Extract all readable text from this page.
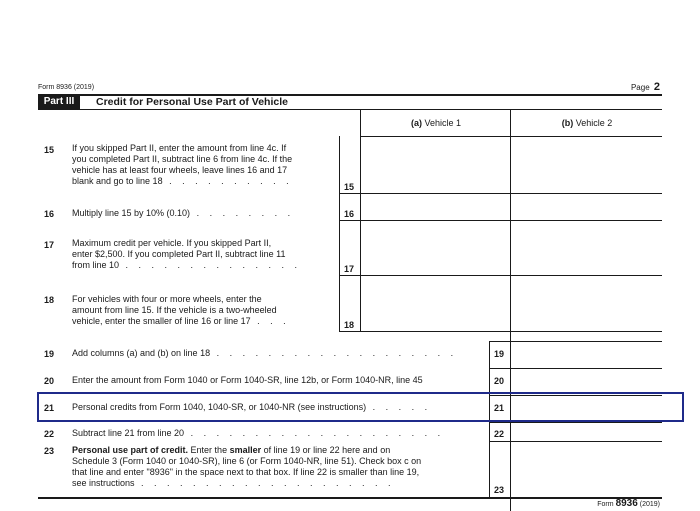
Form 8936 (2019)	Page 2
Part III	Credit for Personal Use Part of Vehicle
(a) Vehicle 1	(b) Vehicle 2
15 If you skipped Part II, enter the amount from line 4c. If
you completed Part II, subtract line 6 from line 4c. If the
vehicle has at least four wheels, leave lines 16 and 17
blank and go to line 18 . . . . . . . . . .
15
16 Multiply line 15 by 10% (0.10) . . . . . . . .	16
17 Maximum credit per vehicle. If you skipped Part II,
enter $2,500. If you completed Part II, subtract line 11
from line 10 . . . . . . . . . . . . . .	17
18 For vehicles with four or more wheels, enter the
amount from line 15. If the vehicle is a two-wheeled
vehicle, enter the smaller of line 16 or line 17 . . .	18
19 Add columns (a) and (b) on line 18 . . . . . . . . . . . . . . . . . . .	19
20 Enter the amount from Form 1040 or Form 1040-SR, line 12b, or Form 1040-NR, line 45	20
21 Personal credits from Form 1040, 1040-SR, or 1040-NR (see instructions) . . . . .	21
22 Subtract line 21 from line 20 . . . . . . . . . . . . . . . . . . . .	22
23 Personal use part of credit. Enter the smaller of line 19 or line 22 here and on
Schedule 3 (Form 1040 or 1040-SR), line 6 (or Form 1040-NR, line 51). Check box c on
that line and enter "8936" in the space next to that box. If line 22 is smaller than line 19,
see instructions . . . . . . . . . . . . . . . . . . . .
23
Form 8936 (2019)
